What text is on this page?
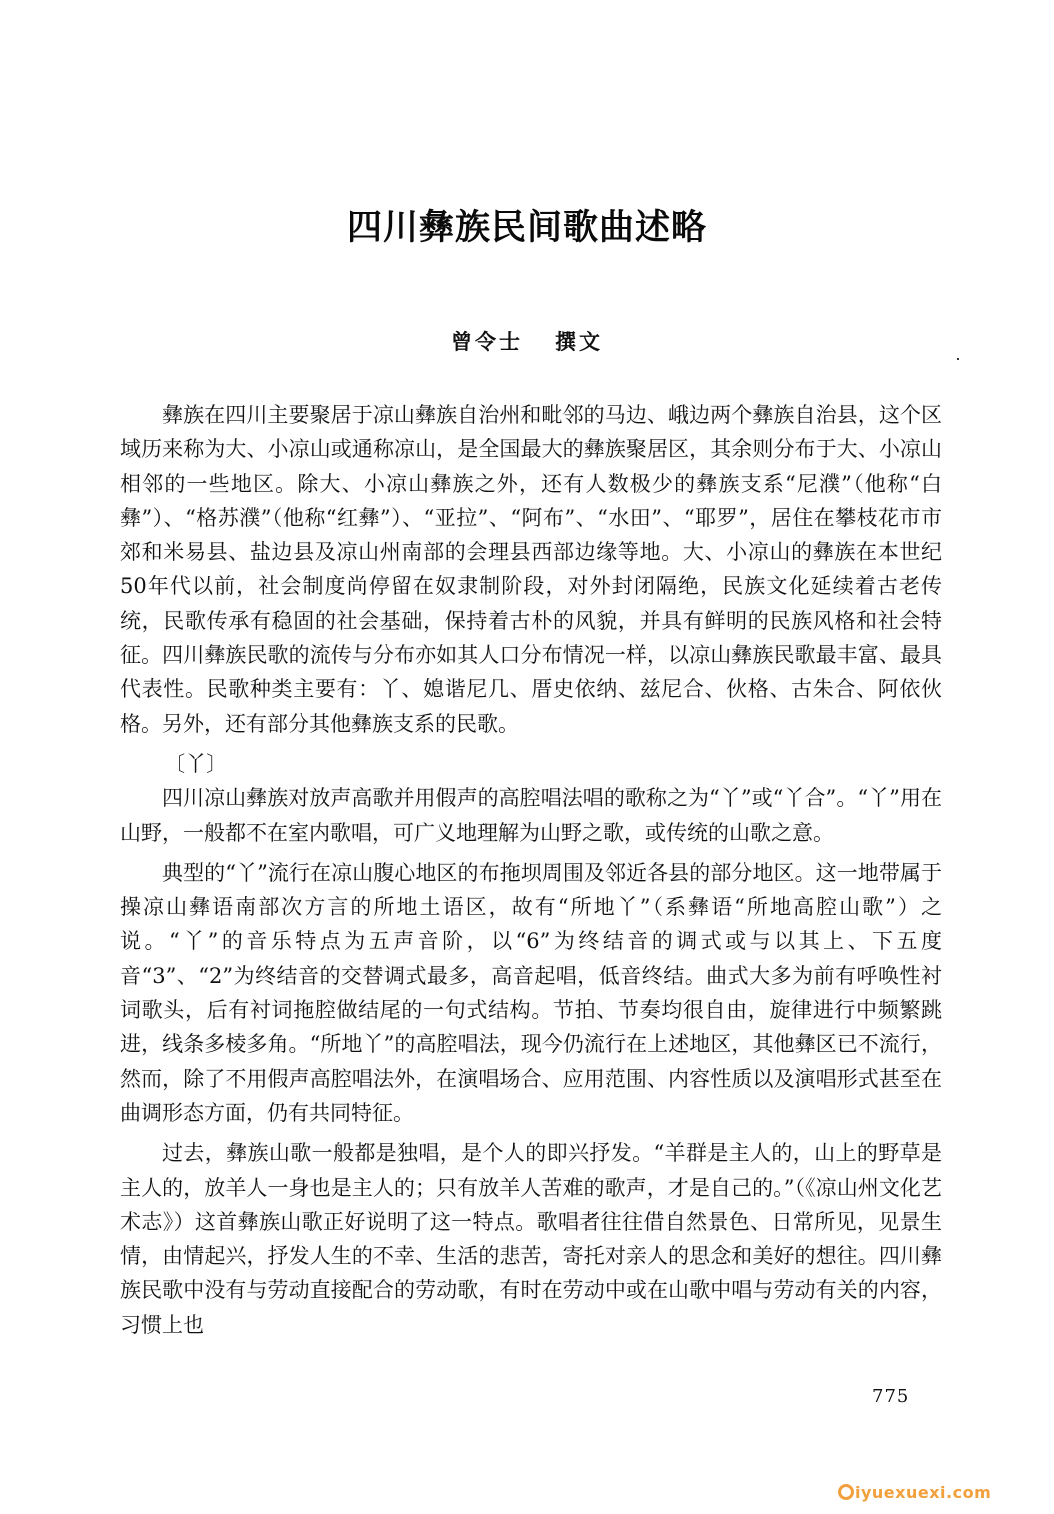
四川彝族民间歌曲述略
曾令士 撰文

彝族在四川主要聚居于凉山彝族自治州和毗邻的马边、峨边两个彝族自治县，这个区域历来称为大、小凉山或通称凉山，是全国最大的彝族聚居区，其余则分布于大、小凉山相邻的一些地区。除大、小凉山彝族之外，还有人数极少的彝族支系“尼濮”（他称“白彝”）、“格苏濮”（他称“红彝”）、“亚拉”、“阿布”、“水田”、“耶罗”，居住在攀枝花市市郊和米易县、盐边县及凉山州南部的会理县西部边缘等地。大、小凉山的彝族在本世纪50年代以前，社会制度尚停留在奴隶制阶段，对外封闭隔绝，民族文化延续着古老传统，民歌传承有稳固的社会基础，保持着古朴的风貌，并具有鲜明的民族风格和社会特征。四川彝族民歌的流传与分布亦如其人口分布情况一样，以凉山彝族民歌最丰富、最具代表性。民歌种类主要有：丫、媳谐尼几、厝史依纳、兹尼合、伙格、古朱合、阿依伙格。另外，还有部分其他彝族支系的民歌。

〔丫〕

四川凉山彝族对放声高歌并用假声的高腔唱法唱的歌称之为“丫”或“丫合”。“丫”用在山野，一般都不在室内歌唱，可广义地理解为山野之歌，或传统的山歌之意。

典型的“丫”流行在凉山腹心地区的布拖坝周围及邻近各县的部分地区。这一地带属于操凉山彝语南部次方言的所地土语区，故有“所地丫”（系彝语“所地高腔山歌”）之说。“丫”的音乐特点为五声音阶，以“6”为终结音的调式或与以其上、下五度音“3”、“2”为终结音的交替调式最多，高音起唱，低音终结。曲式大多为前有呼唤性衬词歌头，后有衬词拖腔做结尾的一句式结构。节拍、节奏均很自由，旋律进行中频繁跳进，线条多棱多角。“所地丫”的高腔唱法，现今仍流行在上述地区，其他彝区已不流行，然而，除了不用假声高腔唱法外，在演唱场合、应用范围、内容性质以及演唱形式甚至在曲调形态方面，仍有共同特征。

过去，彝族山歌一般都是独唱，是个人的即兴抒发。“羊群是主人的，山上的野草是主人的，放羊人一身也是主人的；只有放羊人苦难的歌声，才是自己的。”（《凉山州文化艺术志》）这首彝族山歌正好说明了这一特点。歌唱者往往借自然景色、日常所见，见景生情，由情起兴，抒发人生的不幸、生活的悲苦，寄托对亲人的思念和美好的想往。四川彝族民歌中没有与劳动直接配合的劳动歌，有时在劳动中或在山歌中唱与劳动有关的内容，习惯上也

775
iyuexuexi.com
